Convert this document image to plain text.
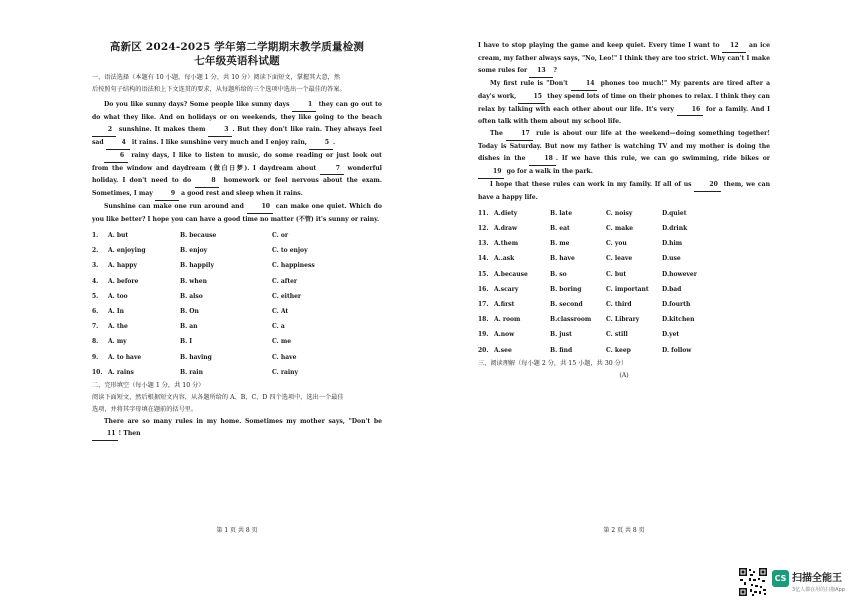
高新区 2024-2025 学年第二学期期末教学质量检测
七年级英语科试题
一、语法选择（本题有 10 小题，每小题 1 分，共 10 分）阅读下面短文，掌握其大意，然
后按照句子结构的语法和上下文连贯的要求，从每题所给的三个选项中选出一个最佳的答案。
Do you like sunny days? Some people like sunny days	1 they can go out to do what they like. And on holidays or on weekends, they like going to the beach 2 sunshine. It makes them	3 . But they don't like rain. They always feel sad	4 it rains. I like sunshine very much and I enjoy rain,	5 .
6 rainy days, I like to listen to music, do some reading or just look out from the window and daydream (做白日梦). I daydream about	7 wonderful holiday. I don't need to do	8 homework or feel nervous about the exam. Sometimes, I may	9 a good rest and sleep when it rains.
Sunshine can make one run around and	10 can make one quiet. Which do you like better? I hope you can have a good time no matter (不管) it's sunny or rainy.
1.	A. but	B. because	C. or
2.	A. enjoying	B. enjoy	C. to enjoy
3.	A. happy	B. happily	C. happiness
4.	A. before	B. when	C. after
5.	A. too	B. also	C. either
6.	A. In	B. On	C. At
7.	A. the	B. an	C. a
8.	A. my	B. I	C. me
9.	A. to have	B. having	C. have
10. A. rains	B. rain	C. rainy
二、完形填空（每小题 1 分，共 10 分）
阅读下面短文，然后根据短文内容，从各题所给的 A、B、C、D 四个选项中，选出一个最佳
选项，并将其字母填在题前的括号里。
There are so many rules in my home. Sometimes my mother says, "Don't be 11 ! Then
第 1 页 共 8 页
I have to stop playing the game and keep quiet. Every time I want to 12 an ice cream, my father always says, "No, Leo!" I think they are too strict. Why can't I make some rules for 13 ?
My first rule is "Don't	14 phones too much!" My parents are tired after a day's work,	15 they spend lots of time on their phones to relax. I think they can relax by talking with each other about our life. It's very	16 for a family. And I often talk with them about my school life.
The	17 rule is about our life at the weekend—doing something together! Today is Saturday. But now my father is watching TV and my mother is doing the dishes in the	18 . If we have this rule, we can go swimming, ride bikes or 19 go for a walk in the park.
I hope that these rules can work in my family. If all of us	20 them, we can have a happy life.
11. A.diety	B. late	C. noisy	D.quiet
12. A.draw	B. eat	C. make	D.drink
13. A.them	B. me	C. you	D.him
14. A..ask	B. have	C. leave	D.use
15. A.because	B. so	C. but	D.however
16. A.scary	B. boring	C. important	D.bad
17. A.first	B. second	C. third	D.fourth
18. A. room	B.classroom	C. Library	D.kitchen
19. A.now	B. just	C. still	D.yet
20. A.see	B. find	C. keep	D. follow
三、阅读理解（每小题 2 分，共 15 小题，共 30 分）
(A)
第 2 页 共 8 页
CS 扫描全能王
3亿人都在用的扫描App
